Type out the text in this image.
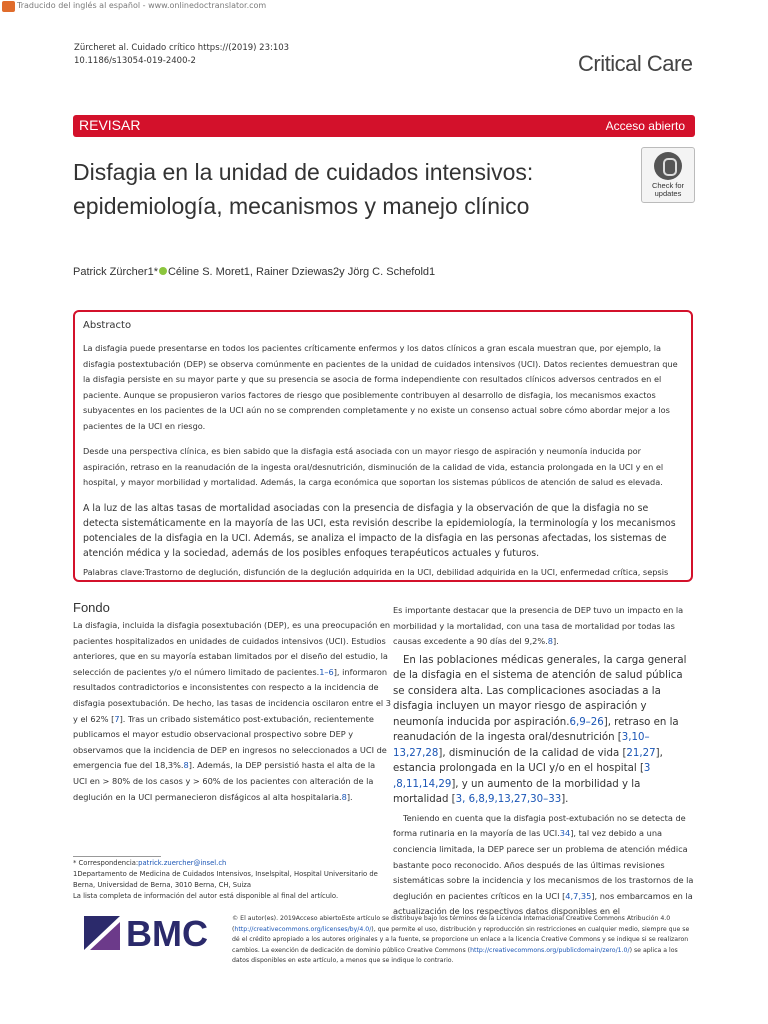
Traducido del inglés al español - www.onlinedoctranslator.com
Zürcheret al. Cuidado crítico https://(2019) 23:103
10.1186/s13054-019-2400-2	Critical Care
REVISAR	Acceso abierto
Disfagia en la unidad de cuidados intensivos: epidemiología, mecanismos y manejo clínico
Check for updates
Patrick Zürcher1* Céline S. Moret1, Rainer Dziewas2y Jörg C. Schefold1
Abstracto

La disfagia puede presentarse en todos los pacientes críticamente enfermos y los datos clínicos a gran escala muestran que, por ejemplo, la disfagia postextubación (DEP) se observa comúnmente en pacientes de la unidad de cuidados intensivos (UCI). Datos recientes demuestran que la disfagia persiste en su mayor parte y que su presencia se asocia de forma independiente con resultados clínicos adversos centrados en el paciente. Aunque se propusieron varios factores de riesgo que posiblemente contribuyen al desarrollo de disfagia, los mecanismos exactos subyacentes en los pacientes de la UCI aún no se comprenden completamente y no existe un consenso actual sobre cómo abordar mejor a los pacientes de la UCI en riesgo.

Desde una perspectiva clínica, es bien sabido que la disfagia está asociada con un mayor riesgo de aspiración y neumonía inducida por aspiración, retraso en la reanudación de la ingesta oral/desnutrición, disminución de la calidad de vida, estancia prolongada en la UCI y en el hospital, y mayor morbilidad y mortalidad. Además, la carga económica que soportan los sistemas públicos de atención de salud es elevada.

A la luz de las altas tasas de mortalidad asociadas con la presencia de disfagia y la observación de que la disfagia no se detecta sistemáticamente en la mayoría de las UCI, esta revisión describe la epidemiología, la terminología y los mecanismos potenciales de la disfagia en la UCI. Además, se analiza el impacto de la disfagia en las personas afectadas, los sistemas de atención médica y la sociedad, además de los posibles enfoques terapéuticos actuales y futuros.

Palabras clave:Trastorno de deglución, disfunción de la deglución adquirida en la UCI, debilidad adquirida en la UCI, enfermedad crítica, sepsis
Fondo

La disfagia, incluida la disfagia posextubación (DEP), es una preocupación en pacientes hospitalizados en unidades de cuidados intensivos (UCI). Estudios anteriores, que en su mayoría estaban limitados por el diseño del estudio, la selección de pacientes y/o el número limitado de pacientes.1–6], informaron resultados contradictorios e inconsistentes con respecto a la incidencia de disfagia posextubación. De hecho, las tasas de incidencia oscilaron entre el 3 y el 62% [7]. Tras un cribado sistemático post-extubación, recientemente publicamos el mayor estudio observacional prospectivo sobre DEP y observamos que la incidencia de DEP en ingresos no seleccionados a UCI de emergencia fue del 18,3%.8]. Además, la DEP persistió hasta el alta de la UCI en > 80% de los casos y > 60% de los pacientes con alteración de la deglución en la UCI permanecieron disfágicos al alta hospitalaria.8].

Es importante destacar que la presencia de DEP tuvo un impacto en la morbilidad y la mortalidad, con una tasa de mortalidad por todas las causas excedente a 90 días del 9,2%.8].

En las poblaciones médicas generales, la carga general de la disfagia en el sistema de atención de salud pública se considera alta. Las complicaciones asociadas a la disfagia incluyen un mayor riesgo de aspiración y neumonía inducida por aspiración.6,9–26], retraso en la reanudación de la ingesta oral/desnutrición [3,10–13,27,28], disminución de la calidad de vida [21,27], estancia prolongada en la UCI y/o en el hospital [3 ,8,11,14,29], y un aumento de la morbilidad y la mortalidad [3, 6,8,9,13,27,30–33].

Teniendo en cuenta que la disfagia post-extubación no se detecta de forma rutinaria en la mayoría de las UCI.34], tal vez debido a una conciencia limitada, la DEP parece ser un problema de atención médica bastante poco reconocido. Años después de las últimas revisiones sistemáticas sobre la incidencia y los mecanismos de los trastornos de la deglución en pacientes críticos en la UCI [4,7,35], nos embarcamos en la actualización de los respectivos datos disponibles en el

* Correspondencia:patrick.zuercher@insel.ch
1Departamento de Medicina de Cuidados Intensivos, Inselspital, Hospital Universitario de Berna, Universidad de Berna, 3010 Berna, CH, Suiza
La lista completa de información del autor está disponible al final del artículo.
BMC	© El autor(es). 2019Acceso abiertoEste artículo se distribuye bajo los términos de la Licencia Internacional Creative Commons Atribución 4.0 (http://creativecommons.org/licenses/by/4.0/), que permite el uso, distribución y reproducción sin restricciones en cualquier medio, siempre que se dé el crédito apropiado a los autores originales y a la fuente, se proporcione un enlace a la licencia Creative Commons y se indique si se realizaron cambios. La exención de dedicación de dominio público Creative Commons (http://creativecommons.org/publicdomain/zero/1.0/) se aplica a los datos disponibles en este artículo, a menos que se indique lo contrario.
